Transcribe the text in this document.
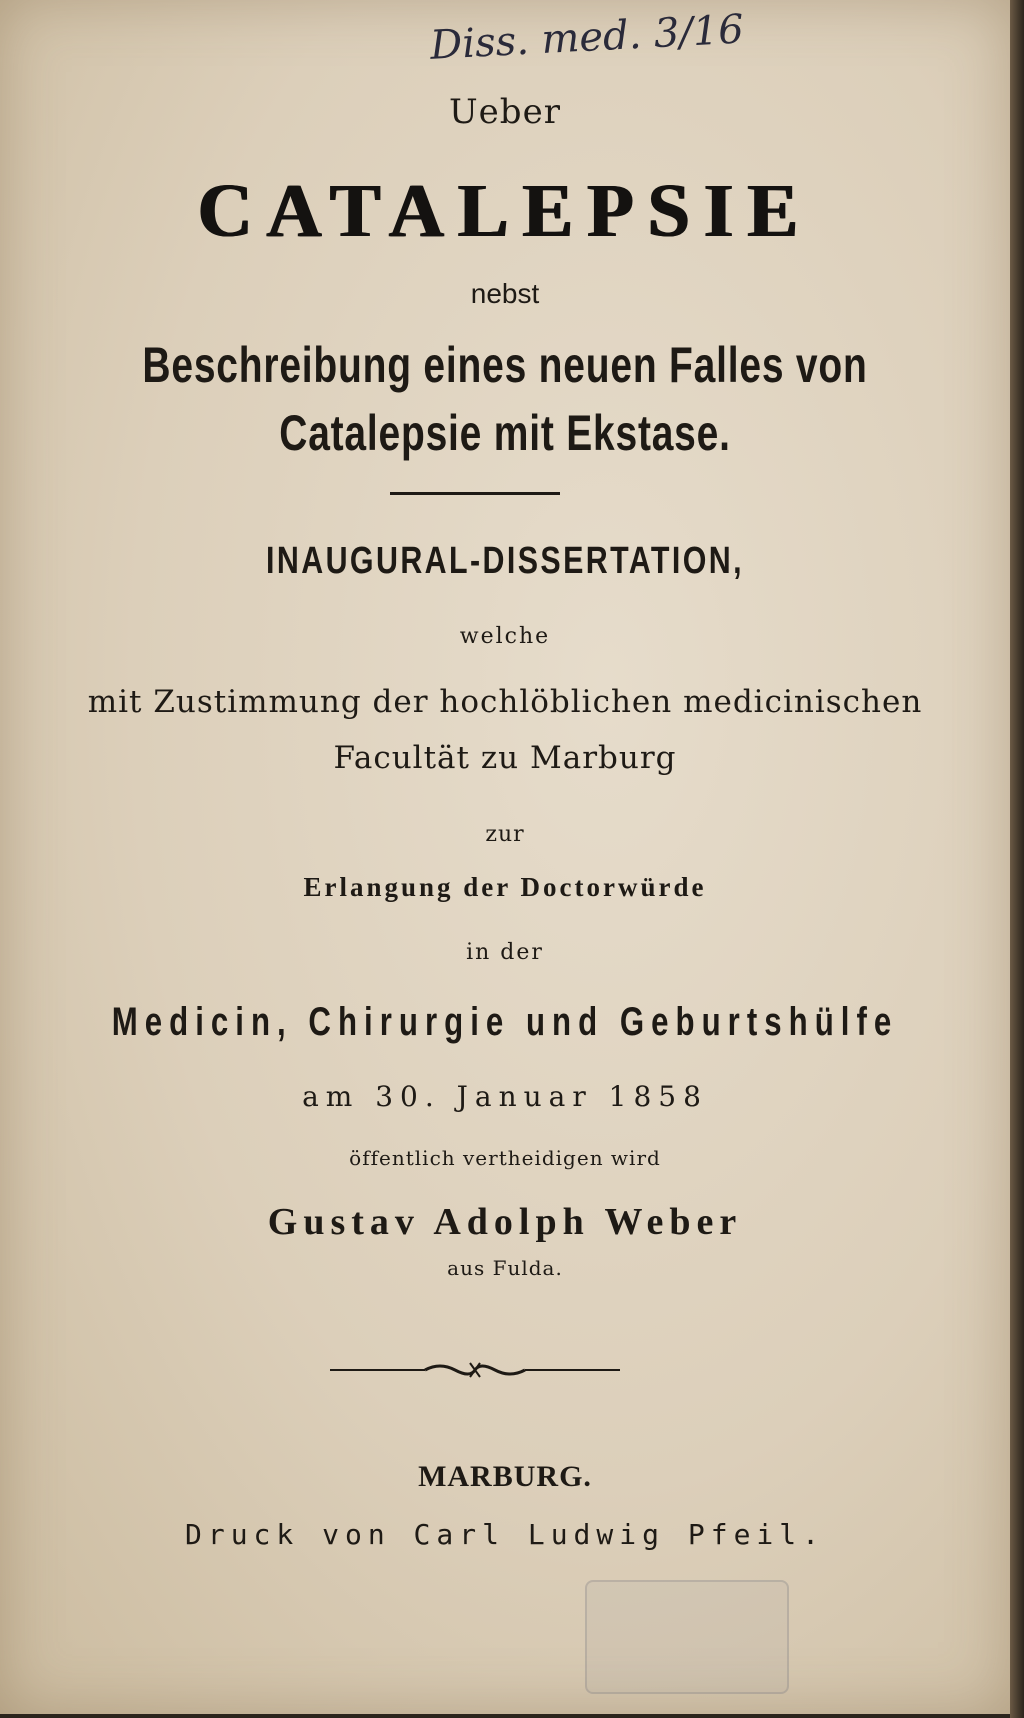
Diss. med. 3/16
Ueber
CATALEPSIE
nebst
Beschreibung eines neuen Falles von
Catalepsie mit Ekstase.
INAUGURAL-DISSERTATION,
welche
mit Zustimmung der hochlöblichen medicinischen
Facultät zu Marburg
zur
Erlangung der Doctorwürde
in der
Medicin, Chirurgie und Geburtshülfe
am 30. Januar 1858
öffentlich vertheidigen wird
Gustav Adolph Weber
aus Fulda.
MARBURG.
Druck von Carl Ludwig Pfeil.
